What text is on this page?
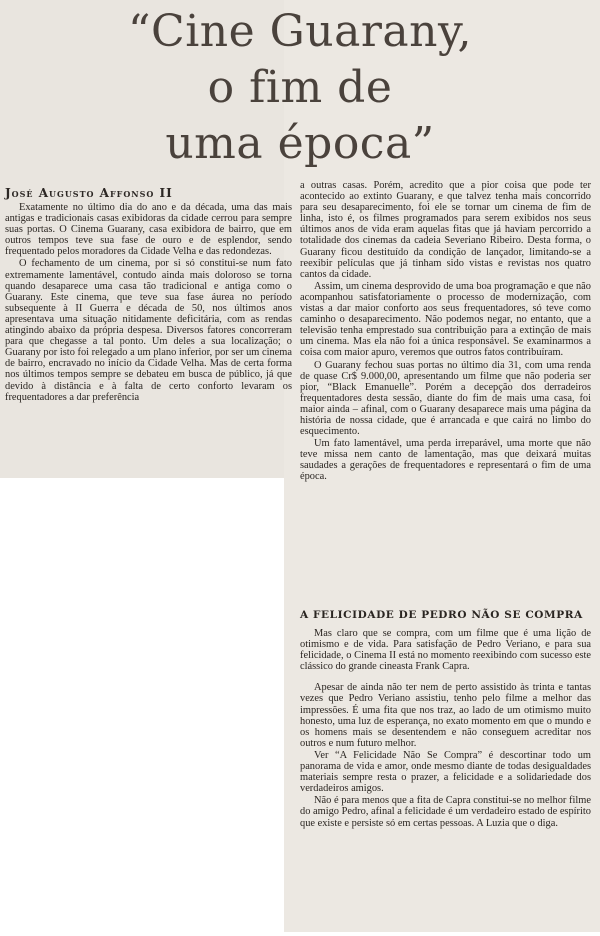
“Cine Guarany,
o fim de
uma época”
José Augusto Affonso II

Exatamente no último dia do ano e da década, uma das mais antigas e tradicionais casas exibidoras da cidade cerrou para sempre suas portas. O Cinema Guarany, casa exibidora de bairro, que em outros tempos teve sua fase de ouro e de esplendor, sendo frequentado pelos moradores da Cidade Velha e das redondezas.

O fechamento de um cinema, por si só constitui-se num fato extremamente lamentável, contudo ainda mais doloroso se torna quando desaparece uma casa tão tradicional e antiga como o Guarany. Este cinema, que teve sua fase áurea no período subsequente à II Guerra e década de 50, nos últimos anos apresentava uma situação nitidamente deficitária, com as rendas atingindo abaixo da própria despesa. Diversos fatores concorreram para que chegasse a tal ponto. Um deles a sua localização; o Guarany por isto foi relegado a um plano inferior, por ser um cinema de bairro, encravado no início da Cidade Velha. Mas de certa forma nos últimos tempos sempre se debateu em busca de público, já que devido à distância e à falta de certo conforto levaram os frequentadores a dar preferência

a outras casas. Porém, acredito que a pior coisa que pode ter acontecido ao extinto Guarany, e que talvez tenha mais concorrido para seu desaparecimento, foi ele se tornar um cinema de fim de linha, isto é, os filmes programados para serem exibidos nos seus últimos anos de vida eram aquelas fitas que já haviam percorrido a totalidade dos cinemas da cadeia Severiano Ribeiro. Desta forma, o Guarany ficou destituído da condição de lançador, limitando-se a reexibir películas que já tinham sido vistas e revistas nos quatro cantos da cidade.

Assim, um cinema desprovido de uma boa programação e que não acompanhou satisfatoriamente o processo de modernização, com vistas a dar maior conforto aos seus frequentadores, só teve como caminho o desaparecimento. Não podemos negar, no entanto, que a televisão tenha emprestado sua contribuição para a extinção de mais um cinema. Mas ela não foi a única responsável. Se examinarmos a coisa com maior apuro, veremos que outros fatos contribuíram.

O Guarany fechou suas portas no último dia 31, com uma renda de quase Cr$ 9.000,00, apresentando um filme que não poderia ser pior, “Black Emanuelle”. Porém a decepção dos derradeiros frequentadores desta sessão, diante do fim de mais uma casa, foi maior ainda – afinal, com o Guarany desaparece mais uma página da história de nossa cidade, que é arrancada e que cairá no limbo do esquecimento.

Um fato lamentável, uma perda irreparável, uma morte que não teve missa nem canto de lamentação, mas que deixará muitas saudades a gerações de frequentadores e representará o fim de uma época.

A FELICIDADE DE PEDRO NÃO SE COMPRA

Mas claro que se compra, com um filme que é uma lição de otimismo e de vida. Para satisfação de Pedro Veriano, e para sua felicidade, o Cinema II está no momento reexibindo com sucesso este clássico do grande cineasta Frank Capra.

Apesar de ainda não ter nem de perto assistido às trinta e tantas vezes que Pedro Veriano assistiu, tenho pelo filme a melhor das impressões. É uma fita que nos traz, ao lado de um otimismo muito honesto, uma luz de esperança, no exato momento em que o mundo e os homens mais se desentendem e não conseguem acreditar nos outros e num futuro melhor.

Ver “A Felicidade Não Se Compra” é descortinar todo um panorama de vida e amor, onde mesmo diante de todas desigualdades materiais sempre resta o prazer, a felicidade e a solidariedade dos verdadeiros amigos.

Não é para menos que a fita de Capra constitui-se no melhor filme do amigo Pedro, afinal a felicidade é um verdadeiro estado de espírito que existe e persiste só em certas pessoas. A Luzia que o diga.
